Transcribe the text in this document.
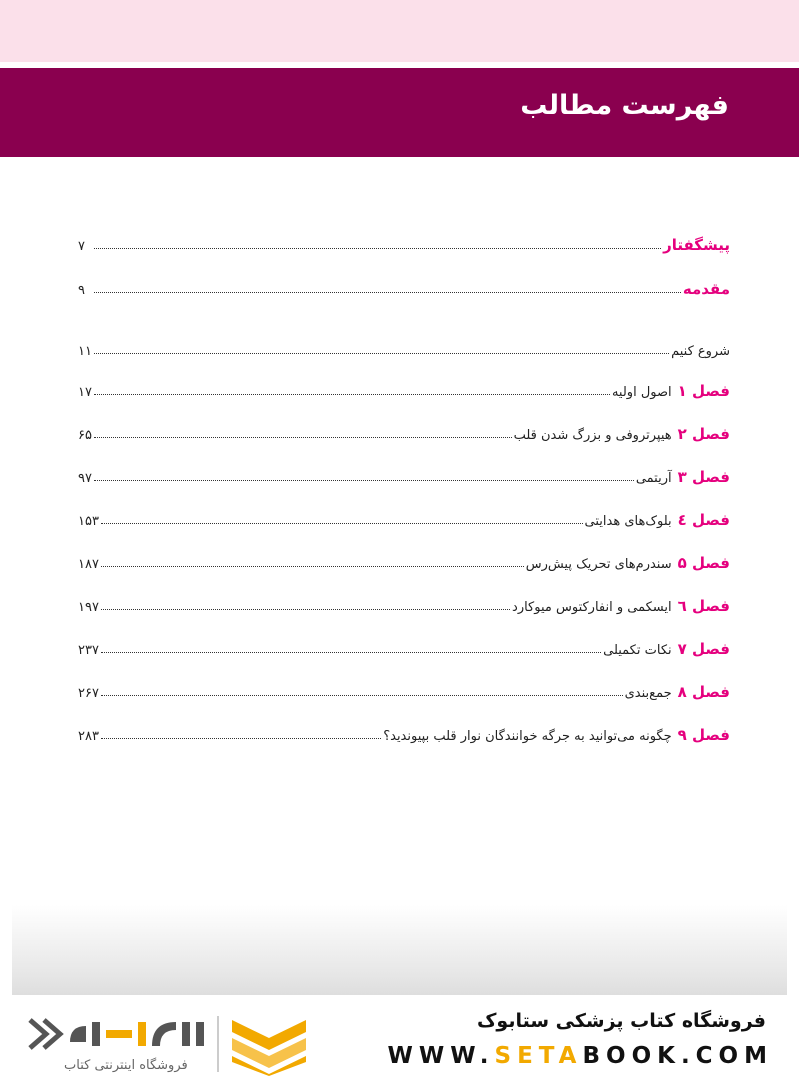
فهرست مطالب
پیشگفتار
۷
مقدمه
۹
شروع کنیم
۱۱
فصل ۱
اصول اولیه
۱۷
فصل ۲
هیپرتروفی و بزرگ شدن قلب
۶۵
فصل ۳
آریتمی
۹۷
فصل ٤
بلوک‌های هدایتی
۱۵۳
فصل ۵
سندرم‌های تحریک پیش‌رس
۱۸۷
فصل ٦
ایسکمی و انفارکتوس میوکارد
۱۹۷
فصل ۷
نکات تکمیلی
۲۳۷
فصل ۸
جمع‌بندی
۲۶۷
فصل ۹
چگونه می‌توانید به جرگه خوانندگان نوار قلب بپیوندید؟
۲۸۳
فروشگاه کتاب پزشکی ستابوک
WWW.SETABOOK.COM
فروشگاه اینترنتی کتاب
